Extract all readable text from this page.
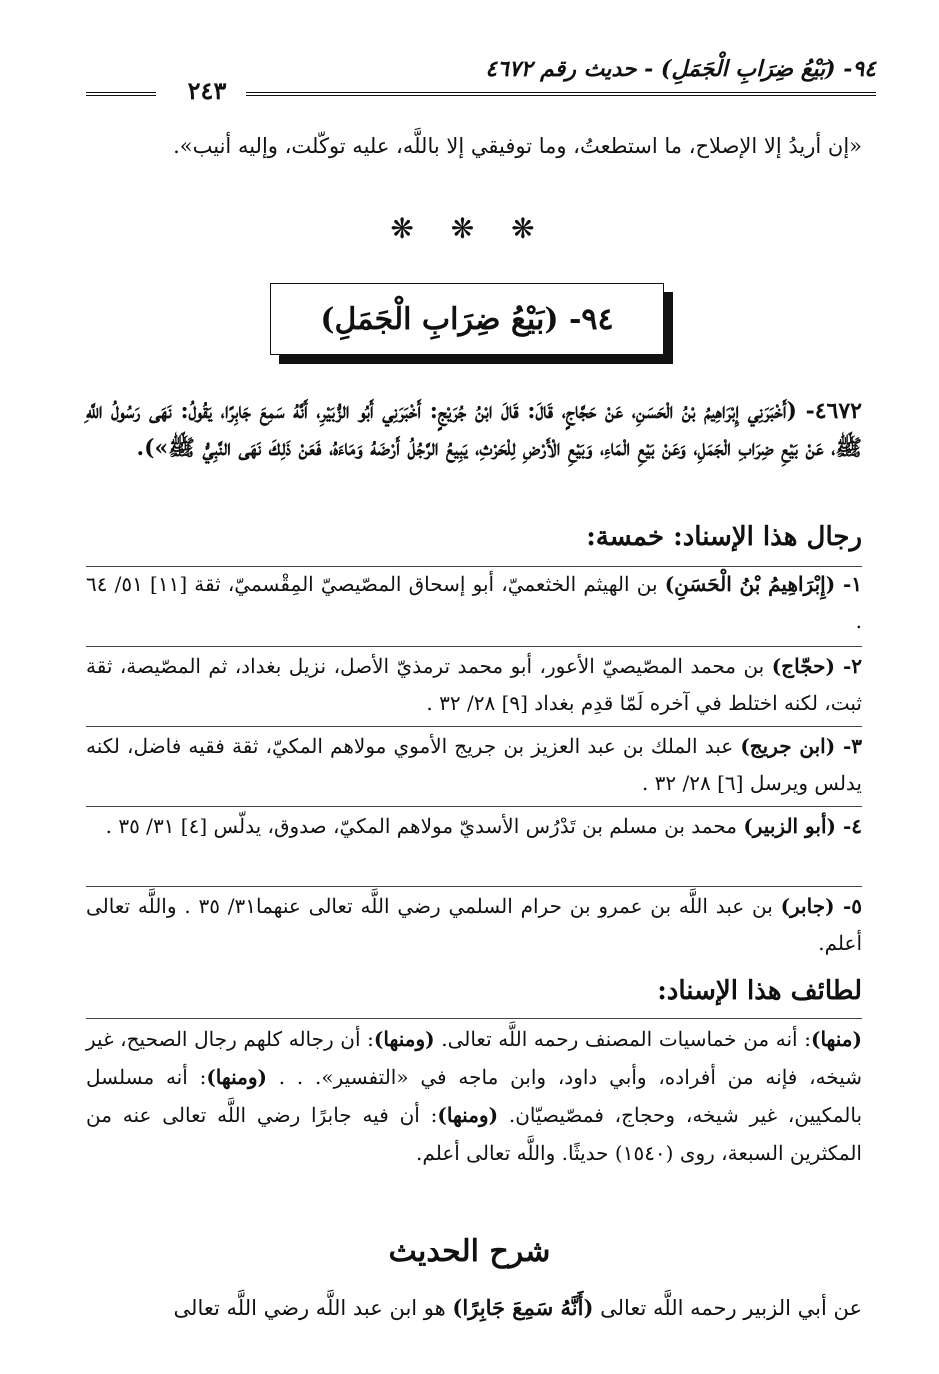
٩٤- (بَيْعُ ضِرَابِ الْجَمَلِ) - حديث رقم ٤٦٧٢
٢٤٣
«إن أريدُ إلا الإصلاح، ما استطعتُ، وما توفيقي إلا باللَّه، عليه توكّلت، وإليه أنيب».
❋ ❋ ❋
٩٤- (بَيْعُ ضِرَابِ الْجَمَلِ)
٤٦٧٢- (أَخْبَرَنِي إِبْرَاهِيمُ بْنُ الْحَسَنِ، عَنْ حَجَّاجٍ، قَالَ: قَالَ ابْنُ جُرَيْجٍ: أَخْبَرَنِي أَبُو الزُّبَيْرِ، أَنَّهُ سَمِعَ جَابِرًا، يَقُولُ: نَهَى رَسُولُ اللَّهِ ﷺ، عَنْ بَيْعِ ضِرَابِ الْجَمَلِ، وَعَنْ بَيْعِ الْمَاءِ، وَبَيْعِ الْأَرْضِ لِلْحَرْثِ، يَبِيعُ الرَّجُلُ أَرْضَهُ وَمَاءَهُ، فَعَنْ ذَلِكَ نَهَى النَّبِيُّ ﷺ»).
رجال هذا الإسناد: خمسة:
١- (إِبْرَاهِيمُ بْنُ الْحَسَنِ) بن الهيثم الخثعميّ، أبو إسحاق المصّيصيّ المِقْسميّ، ثقة [١١] ٥١/ ٦٤ .
٢- (حجّاج) بن محمد المصّيصيّ الأعور، أبو محمد ترمذيّ الأصل، نزيل بغداد، ثم المصّيصة، ثقة ثبت، لكنه اختلط في آخره لَمّا قدِم بغداد [٩] ٢٨/ ٣٢ .
٣- (ابن جريج) عبد الملك بن عبد العزيز بن جريج الأموي مولاهم المكيّ، ثقة فقيه فاضل، لكنه يدلس ويرسل [٦] ٢٨/ ٣٢ .
٤- (أبو الزبير) محمد بن مسلم بن تَدْرُس الأسديّ مولاهم المكيّ، صدوق، يدلّس [٤] ٣١/ ٣٥ .
٥- (جابر) بن عبد اللَّه بن عمرو بن حرام السلمي رضي اللَّه تعالى عنهما٣١/ ٣٥ . واللَّه تعالى أعلم.
لطائف هذا الإسناد:
(منها): أنه من خماسيات المصنف رحمه اللَّه تعالى. (ومنها): أن رجاله كلهم رجال الصحيح، غير شيخه، فإنه من أفراده، وأبي داود، وابن ماجه في «التفسير». . . (ومنها): أنه مسلسل بالمكيين، غير شيخه، وحجاج، فمصّيصيّان. (ومنها): أن فيه جابرًا رضي اللَّه تعالى عنه من المكثرين السبعة، روى (١٥٤٠) حديثًا. واللَّه تعالى أعلم.
شرح الحديث
عن أبي الزبير رحمه اللَّه تعالى (أَنَّهُ سَمِعَ جَابِرًا) هو ابن عبد اللَّه رضي اللَّه تعالى
